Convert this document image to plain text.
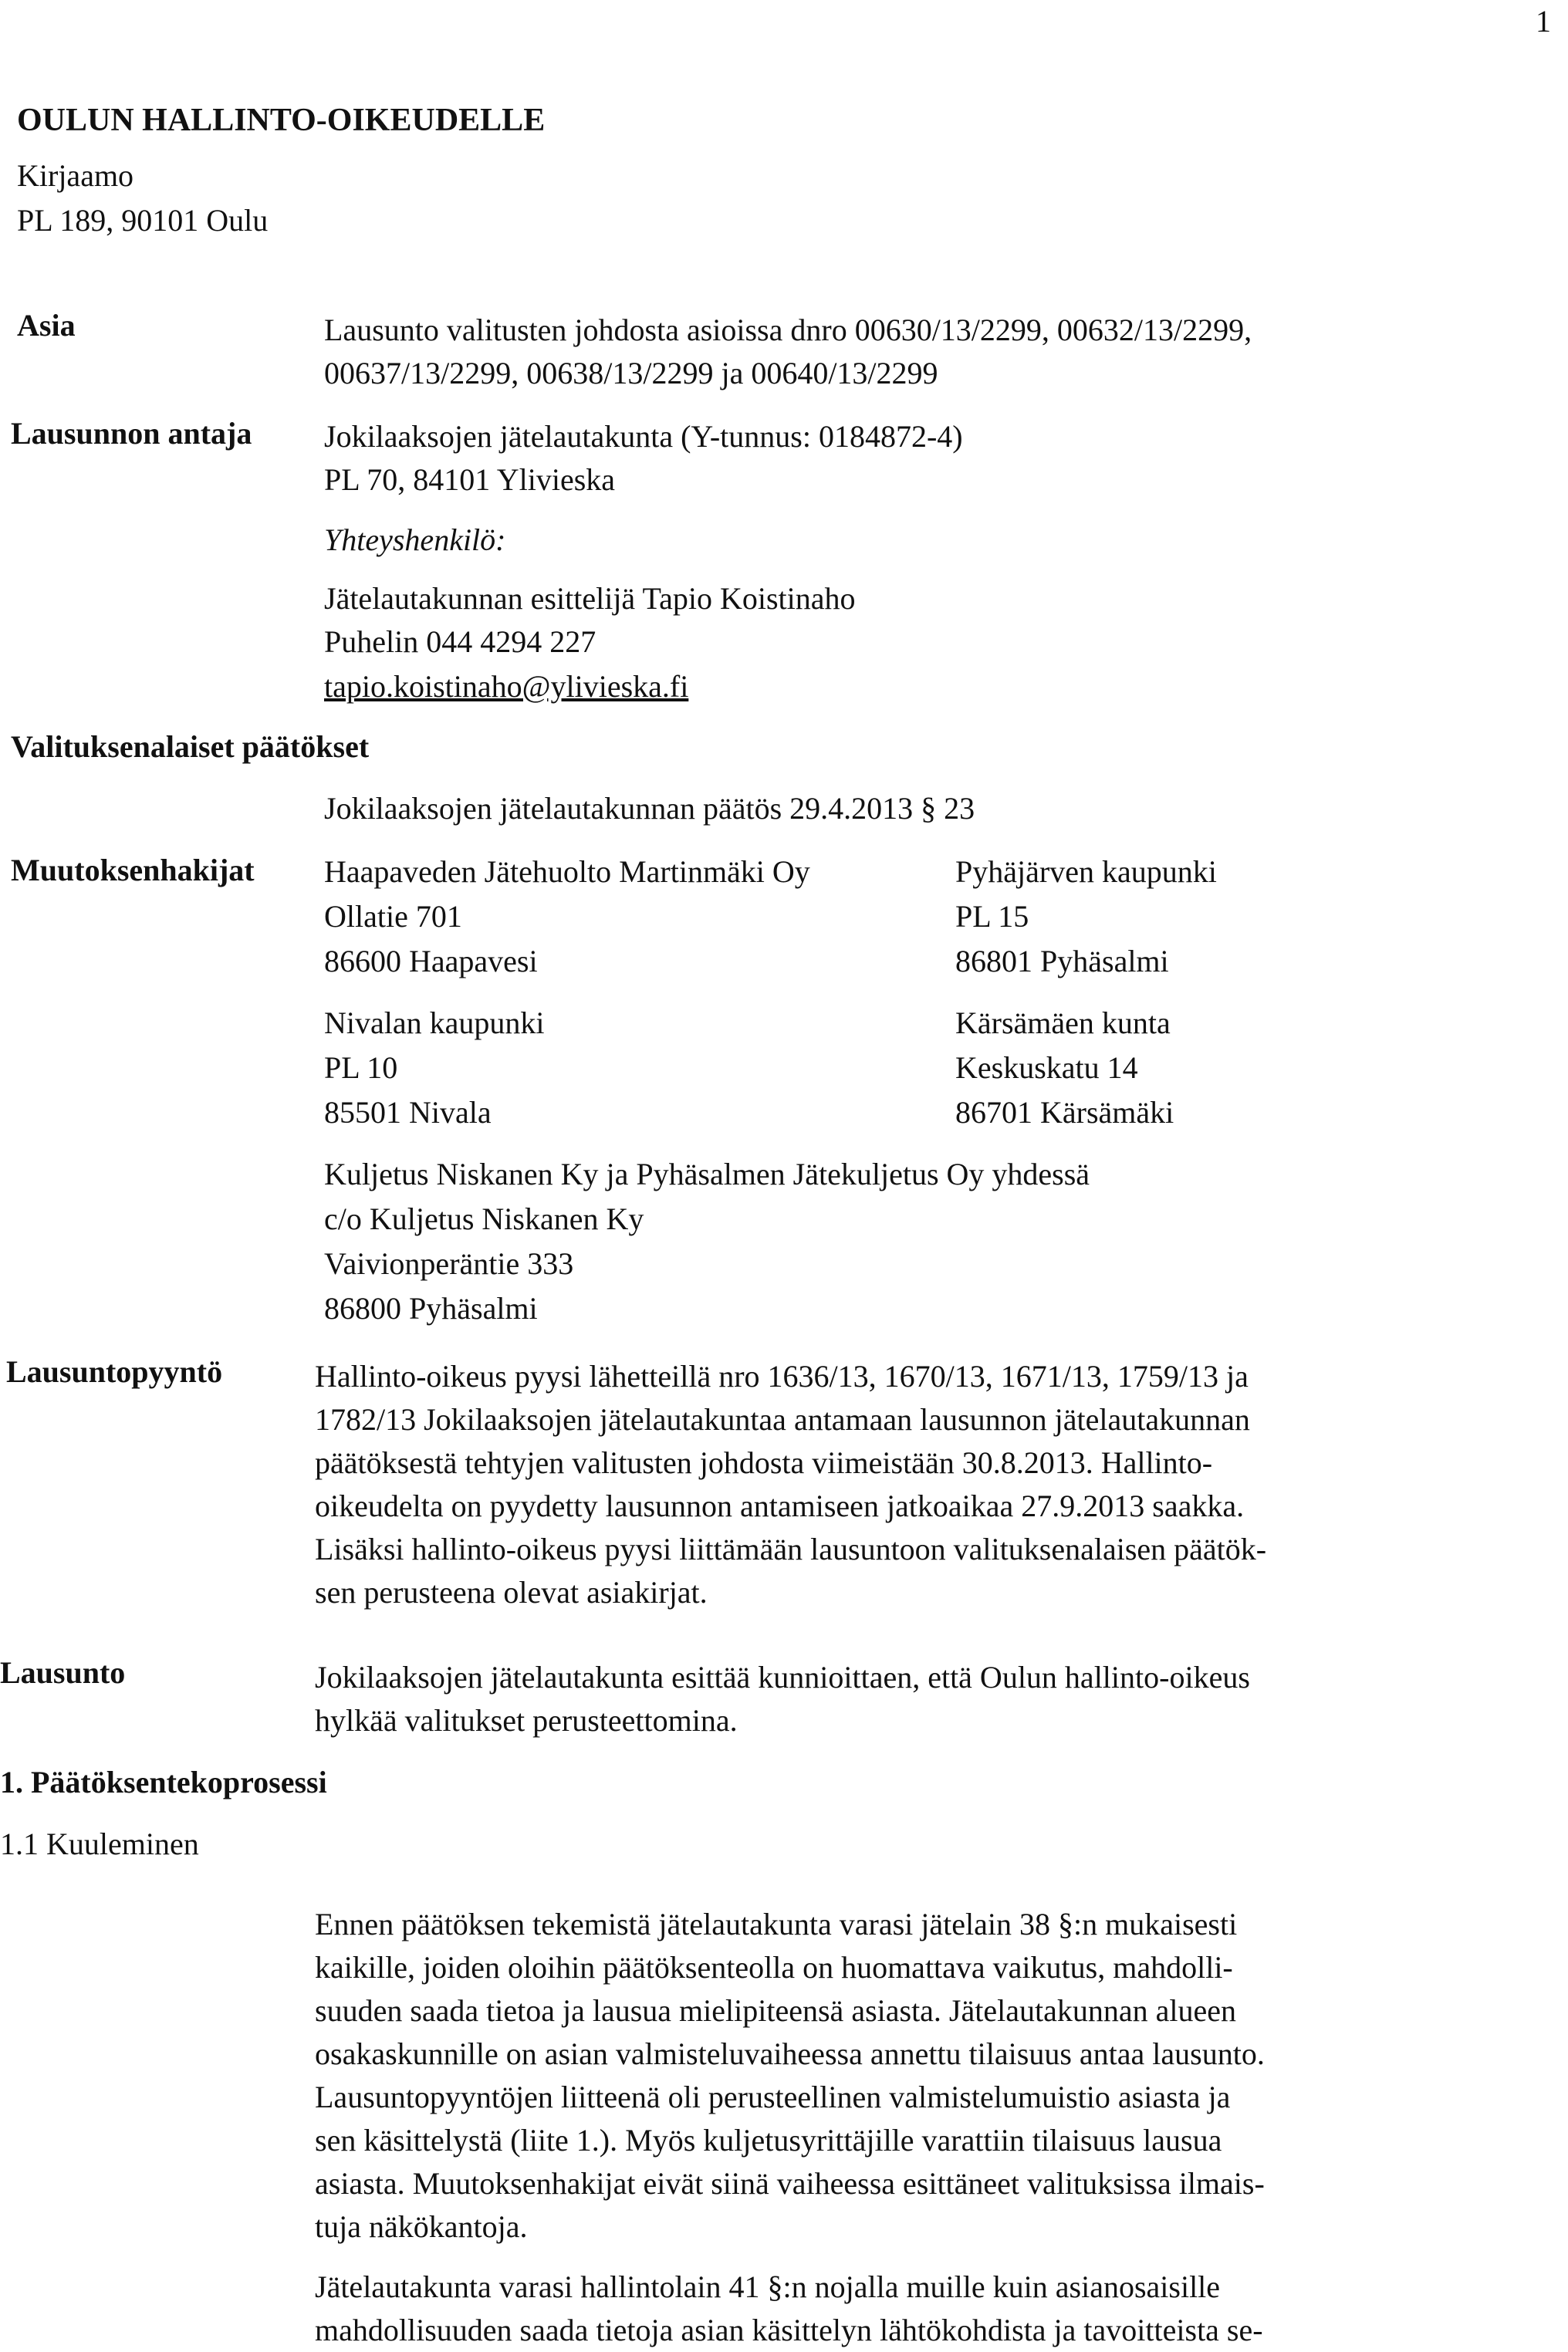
1
OULUN HALLINTO-OIKEUDELLE
Kirjaamo
PL 189, 90101 Oulu
Asia	Lausunto valitusten johdosta asioissa dnro 00630/13/2299, 00632/13/2299,
00637/13/2299, 00638/13/2299 ja 00640/13/2299
Lausunnon antaja Jokilaaksojen jätelautakunta (Y-tunnus: 0184872-4)
PL 70, 84101 Ylivieska
Yhteyshenkilö:
Jätelautakunnan esittelijä Tapio Koistinaho
Puhelin 044 4294 227
tapio.koistinaho@ylivieska.fi
Valituksenalaiset päätökset
Jokilaaksojen jätelautakunnan päätös 29.4.2013 § 23
Muutoksenhakijat Haapaveden Jätehuolto Martinmäki Oy
Ollatie 701
86600 Haapavesi
Pyhäjärven kaupunki
PL 15
86801 Pyhäsalmi
Nivalan kaupunki
PL 10
85501 Nivala
Kärsämäen kunta
Keskuskatu 14
86701 Kärsämäki
Kuljetus Niskanen Ky ja Pyhäsalmen Jätekuljetus Oy yhdessä
c/o Kuljetus Niskanen Ky
Vaivionperäntie 333
86800 Pyhäsalmi
Lausuntopyyntö	Hallinto-oikeus pyysi lähetteillä nro 1636/13, 1670/13, 1671/13, 1759/13 ja
1782/13 Jokilaaksojen jätelautakuntaa antamaan lausunnon jätelautakunnan
päätöksestä tehtyjen valitusten johdosta viimeistään 30.8.2013. Hallinto-
oikeudelta on pyydetty lausunnon antamiseen jatkoaikaa 27.9.2013 saakka.
Lisäksi hallinto-oikeus pyysi liittämään lausuntoon valituksenalaisen päätök-
sen perusteena olevat asiakirjat.
Lausunto	Jokilaaksojen jätelautakunta esittää kunnioittaen, että Oulun hallinto-oikeus
hylkää valitukset perusteettomina.
1. Päätöksentekoprosessi
1.1 Kuuleminen
Ennen päätöksen tekemistä jätelautakunta varasi jätelain 38 §:n mukaisesti
kaikille, joiden oloihin päätöksenteolla on huomattava vaikutus, mahdolli-
suuden saada tietoa ja lausua mielipiteensä asiasta. Jätelautakunnan alueen
osakaskunnille on asian valmisteluvaiheessa annettu tilaisuus antaa lausunto.
Lausuntopyyntöjen liitteenä oli perusteellinen valmistelumuistio asiasta ja
sen käsittelystä (liite 1.). Myös kuljetusyrittäjille varattiin tilaisuus lausua
asiasta. Muutoksenhakijat eivät siinä vaiheessa esittäneet valituksissa ilmais-
tuja näkökantoja.
Jätelautakunta varasi hallintolain 41 §:n nojalla muille kuin asianosaisille
mahdollisuuden saada tietoja asian käsittelyn lähtökohdista ja tavoitteista se-
